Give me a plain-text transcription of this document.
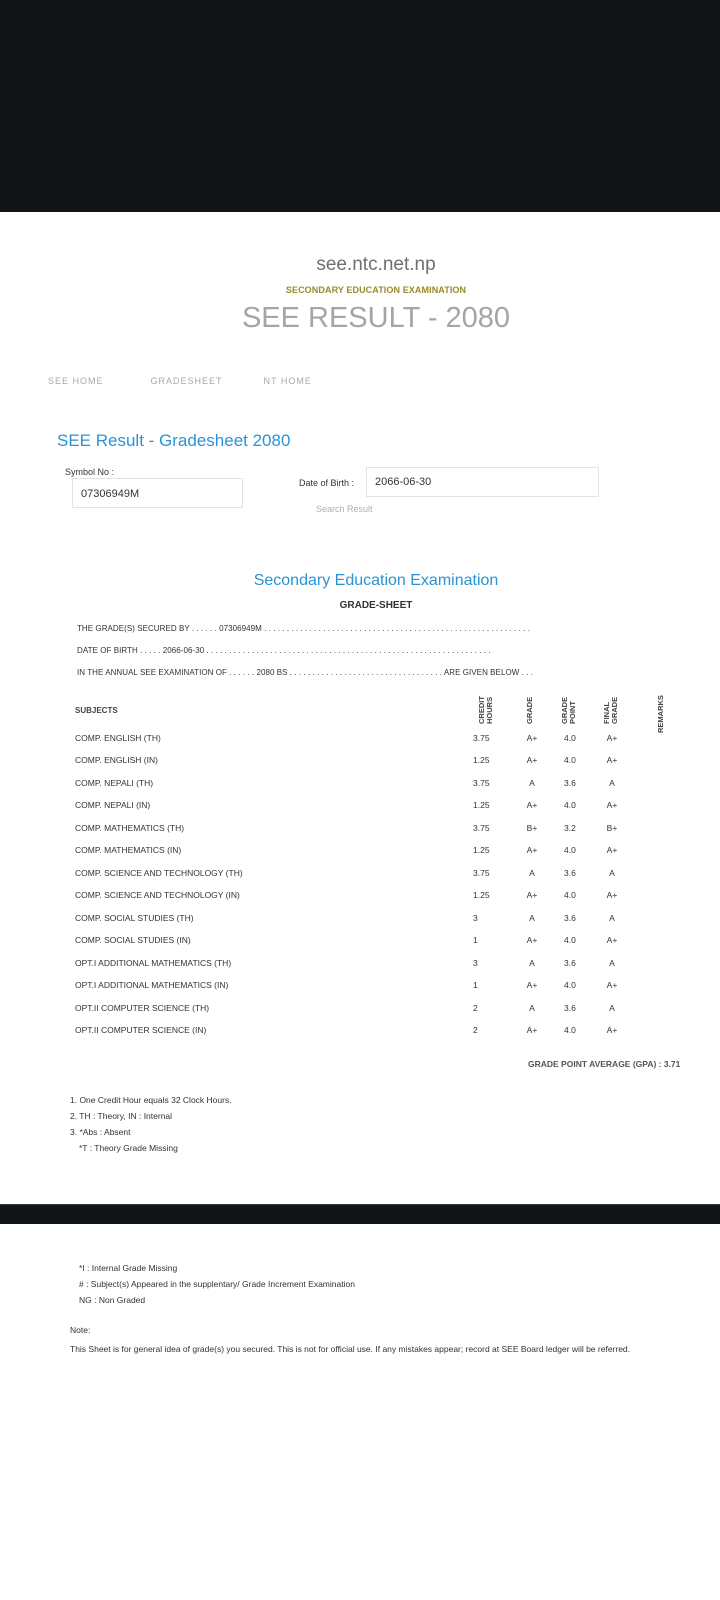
see.ntc.net.np
SECONDARY EDUCATION EXAMINATION
SEE RESULT - 2080
SEE HOME	GRADESHEET	NT HOME
SEE Result - Gradesheet 2080
Symbol No :
07306949M
Date of Birth :	2066-06-30
Search Result
Secondary Education Examination
GRADE-SHEET
THE GRADE(S) SECURED BY . . . . . . 07306949M . . . . . . . . . . . . . . . . . . . . . . . . . . . . . . . . . . . . . . . . . . . . . . . . . . . . . . . . . . .
DATE OF BIRTH . . . . . 2066-06-30 . . . . . . . . . . . . . . . . . . . . . . . . . . . . . . . . . . . . . . . . . . . . . . . . . . . . . . . . . . . . . . .
IN THE ANNUAL SEE EXAMINATION OF . . . . . . 2080 BS . . . . . . . . . . . . . . . . . . . . . . . . . . . . . . . . . . ARE GIVEN BELOW . . .
SUBJECTS	CREDIT HOURS	GRADE	GRADE POINT	FINAL GRADE	REMARKS
COMP. ENGLISH (TH)	3.75	A+	4.0	A+
COMP. ENGLISH (IN)	1.25	A+	4.0	A+
COMP. NEPALI (TH)	3.75	A	3.6	A
COMP. NEPALI (IN)	1.25	A+	4.0	A+
COMP. MATHEMATICS (TH)	3.75	B+	3.2	B+
COMP. MATHEMATICS (IN)	1.25	A+	4.0	A+
COMP. SCIENCE AND TECHNOLOGY (TH)	3.75	A	3.6	A
COMP. SCIENCE AND TECHNOLOGY (IN)	1.25	A+	4.0	A+
COMP. SOCIAL STUDIES (TH)	3	A	3.6	A
COMP. SOCIAL STUDIES (IN)	1	A+	4.0	A+
OPT.I ADDITIONAL MATHEMATICS (TH)	3	A	3.6	A
OPT.I ADDITIONAL MATHEMATICS (IN)	1	A+	4.0	A+
OPT.II COMPUTER SCIENCE (TH)	2	A	3.6	A
OPT.II COMPUTER SCIENCE (IN)	2	A+	4.0	A+
GRADE POINT AVERAGE (GPA) : 3.71
1. One Credit Hour equals 32 Clock Hours.
2. TH : Theory, IN : Internal
3. *Abs : Absent
*T : Theory Grade Missing
*I : Internal Grade Missing
# : Subject(s) Appeared in the supplentary/ Grade Increment Examination
NG : Non Graded
Note:
This Sheet is for general idea of grade(s) you secured. This is not for official use. If any mistakes appear; record at SEE Board ledger will be referred.
